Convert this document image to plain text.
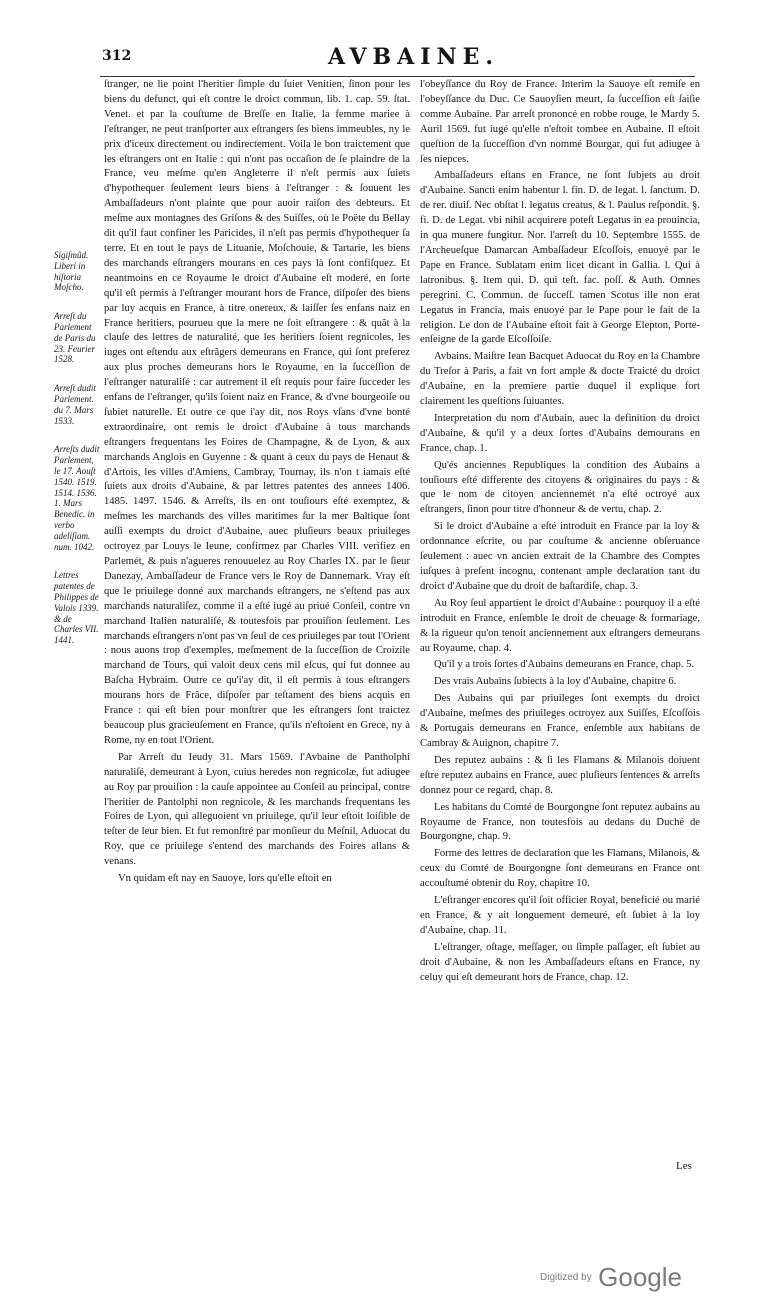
312	AVBAINE.

Sigiſmũd. Liberi in hiſtoria Moſcho.

Arreſt du Parlement de Paris du 23. Feurier 1528.

Arreſt dudit Parlement. du 7. Mars 1533.

Arreſts dudit Parlement, le 17. Aouſt 1540. 1519. 1514. 1536. 1. Mars Benedic. in verbo adeliſiam. num. 1042.

Lettres patentes de Philippes de Valois 1339. & de Charles VII. 1441.

ſtranger, ne lie point l'heritier ſimple du ſuiet Venitien, ſinon pour les biens du defunct, qui eſt contre le droict commun, lib. 1. cap. 59. ſtat. Venet. et par la couſtume de Breſſe en Italie, la femme mariee à l'eſtranger, ne peut tranſporter aux eſtrangers ſes biens immeubles, ny le prix d'iceux directement ou indirectement. Voila le bon traictement que les eſtrangers ont en Italie : qui n'ont pas occaſion de ſe plaindre de la France, veu meſme qu'en Angleterre il n'eſt permis aux ſuiets d'hypothequer ſeulement leurs biens à l'eſtranger : & ſouuent les Ambaſſadeurs n'ont plainte que pour auoir raiſon des debteurs. Et meſme aux montagnes des Griſons & des Suiſſes, où le Poëte du Bellay dit qu'il faut confiner les Paricides, il n'eſt pas permis d'hypothequer ſa terre. Et en tout le pays de Lituanie, Moſchouie, & Tartarie, les biens des marchands eſtrangers mourans en ces pays là ſont confiſquez. Et neantmoins en ce Royaume le droict d'Aubaine eſt moderé, en ſorte qu'il eſt permis à l'eſtranger mourant hors de France, diſpoſer des biens par luy acquis en France, à titre onereux, & laiſſer ſes enfans naiz en France heritiers, pourueu que la mere ne ſoit eſtrangere : & quãt à la clauſe des lettres de naturalité, que les heritiers ſoient regnicoles, les iuges ont eſtendu aux eſtrãgers demeurans en France, qui ſont preferez aux plus proches demeurans hors le Royaume, en la ſucceſſion de l'eſtranger naturaliſé : car autrement il eſt requis pour faire ſucceder les enfans de l'eſtranger, qu'ils ſoient naiz en France, & d'vne bourgeoiſe ou ſubiet naturelle. Et outre ce que i'ay dit, nos Roys vſans d'vne bonté extraordinaire, ont remis le droict d'Aubaine à tous marchands eſtrangers frequentans les Foires de Champagne, & de Lyon, & aux marchands Anglois en Guyenne : & quant à ceux du pays de Henaut & d'Artois, les villes d'Amiens, Cambray, Tournay, ils n'on t iamais eſté ſuiets aux droits d'Aubaine, & par lettres patentes des annees 1406. 1485. 1497. 1546. & Arreſts, ils en ont touſiours eſté exemptez, & meſmes les marchands des villes maritimes ſur la mer Baltique ſont auſſi exempts du droict d'Aubaine, auec pluſieurs beaux priuileges octroyez par Louys le Ieune, confirmez par Charles VIII. verifiez en Parlemét, & puis n'agueres renouuelez au Roy Charles IX. par le ſieur Danezay, Ambaſſadeur de France vers le Roy de Dannemark. Vray eſt que le priuilege donné aux marchands eſtrangers, ne s'eſtend pas aux marchands naturaliſez, comme il a eſté iugé au priué Conſeil, contre vn marchand Italien naturaliſé, & toutesfois par prouiſion ſeulement. Les marchands eſtrangers n'ont pas vn ſeul de ces priuileges par tout l'Orient : nous auons trop d'exemples, meſmement de la ſucceſſion de Croizile marchand de Tours, qui valoit deux cens mil eſcus, qui fut donnee au Baſcha Hybraim. Outre ce qu'i'ay dit, il eſt permis à tous eſtrangers mourans hors de Frãce, diſpoſer par teſtament des biens acquis en France : qui eſt bien pour monſtrer que les eſtrangers ſont traictez beaucoup plus gracieuſement en France, qu'ils n'eſtoient en Grece, ny à Rome, ny en tout l'Orient.

Par Arreſt du Ieudy 31. Mars 1569. l'Avbaine de Pantholphi naturaliſé, demeurant à Lyon, cuius heredes non regnicolæ, fut adiugee au Roy par prouiſion : la cauſe appointee au Conſeil au principal, contre l'heritier de Pantolphi non regnicole, & les marchands frequentans les Foires de Lyon, qui alleguoient vn priuilege, qu'il leur eſtoit loiſible de teſter de leur bien. Et fut remonſtré par monſieur du Meſnil, Aduocat du Roy, que ce priuilege s'entend des marchands des Foires allans & venans.

Vn quidam eſt nay en Sauoye, lors qu'elle eſtoit en

l'obeyſſance du Roy de France. Interim la Sauoye eſt remiſe en l'obeyſſance du Duc. Ce Sauoyſien meurt, ſa ſucceſſion eſt ſaiſie comme Aubaine. Par arreſt prononcé en robbe rouge, le Mardy 5. Auril 1569. fut iugé qu'elle n'eſtoit tombee en Aubaine. Il eſtoit queſtion de la ſucceſſion d'vn nommé Bourgar, qui fut adiugee à ſes niepces.

Ambaſſadeurs eſtans en France, ne ſont ſubjets au droit d'Aubaine. Sancti enim habentur l. fin. D. de legat. l. ſanctum. D. de rer. diuiſ. Nec obſtat l. legatus creatus, & l. Paulus reſpondit. §. fi. D. de Legat. vbi nihil acquirere poteſt Legatus in ea prouincia, in qua munere fungitur. Nor. l'arreſt du 10. Septembre 1555. de l'Archeueſque Damarcan Ambaſſadeur Eſcoſſois, enuoyé par le Pape en France. Sublatam enim licet dicant in Gallia. l. Qui à latronibus. §. Item qui. D. qui teſt. fac. poſſ. & Auth. Omnes peregrini. C. Commun. de ſucceſſ. tamen Scotus ille non erat Legatus in Francia, mais enuoyé par le Pape pour le fait de la religion. Le don de l'Aubaine eſtoit fait à George Elepton, Porte-enſeigne de la garde Eſcoſſoiſe.

Avbains. Maiſtre Iean Bacquet Aduocat du Roy en la Chambre du Treſor à Paris, a fait vn fort ample & docte Traicté du droict d'Aubaine, en la premiere partie duquel il explique fort clairement les queſtions ſuiuantes.

Interpretation du nom d'Aubain, auec la definition du droict d'Aubaine, & qu'il y a deux ſortes d'Aubains demourans en France, chap. 1.

Qu'és anciennes Republiques la condition des Aubains a touſiours eſté differente des citoyens & originaires du pays : & que le nom de citoyen anciennemét n'a eſté octroyé aux eſtrangers, ſinon pour titre d'honneur & de vertu, chap. 2.

Si le droict d'Aubaine a eſté introduit en France par la loy & ordonnance eſcrite, ou par couſtume & ancienne obſeruance ſeulement : auec vn ancien extrait de la Chambre des Comptes iuſques à preſent incognu, contenant ample declaration tant du droict d'Aubaine que du droit de baſtardiſe, chap. 3.

Au Roy ſeul appartient le droict d'Aubaine : pourquoy il a eſté introduit en France, enſemble le droit de cheuage & formariage, & la rigueur qu'on tenoit anciennement aux eſtrangers demeurans au Royaume, chap. 4.

Qu'il y a trois ſortes d'Aubains demeurans en France, chap. 5.

Des vrais Aubains ſubiects à la loy d'Aubaine, chapitre 6.

Des Aubains qui par priuileges ſont exempts du droict d'Aubaine, meſmes des priuileges octroyez aux Suiſſes, Eſcoſſois & Portugais demeurans en France, enſemble aux habitans de Cambray & Auignon, chapitre 7.

Des reputez aubains : & ſi les Flamans & Milanois doiuent eſtre reputez aubains en France, auec pluſieurs ſentences & arreſts donnez pour ce regard, chap. 8.

Les habitans du Comté de Bourgongne ſont reputez aubains au Royaume de France, non toutesfois au dedans du Duché de Bourgongne, chap. 9.

Forme des lettres de declaration que les Flamans, Milanois, & ceux du Comté de Bourgongne ſont demeurans en France ont accouſtumé obtenir du Roy, chapitre 10.

L'eſtranger encores qu'il ſoit officier Royal, beneficié ou marié en France, & y ait longuement demeuré, eſt ſubiet à la loy d'Aubaine, chap. 11.

L'eſtranger, oſtage, meſſager, ou ſimple paſſager, eſt ſubiet au droit d'Aubaine, & non les Ambaſſadeurs eſtans en France, ny celuy qui eſt demeurant hors de France, chap. 12.

Les
Digitized by Google
